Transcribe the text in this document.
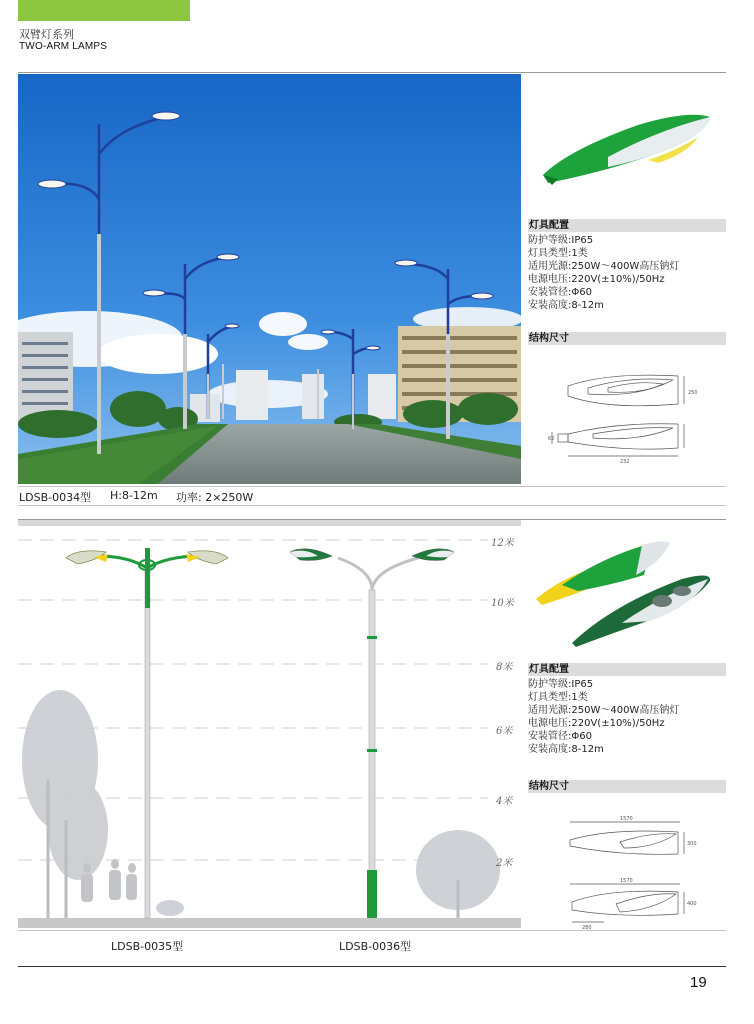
双臂灯系列
TWO-ARM LAMPS
LDSB-0034型 H:8-12m 功率: 2×250W
灯具配置
防护等级:IP65
灯具类型:1类
适用光源:250W～400W高压钠灯
电源电压:220V(±10%)/50Hz
安装管径:Φ60
安装高度:8-12m
结构尺寸
250
232
62
12米
10米
8米
6米
4米
2米
灯具配置
防护等级:IP65
灯具类型:1类
适用光源:250W～400W高压钠灯
电源电压:220V(±10%)/50Hz
安装管径:Φ60
安装高度:8-12m
结构尺寸
1570
300
1570
400
280
LDSB-0035型	LDSB-0036型
19
